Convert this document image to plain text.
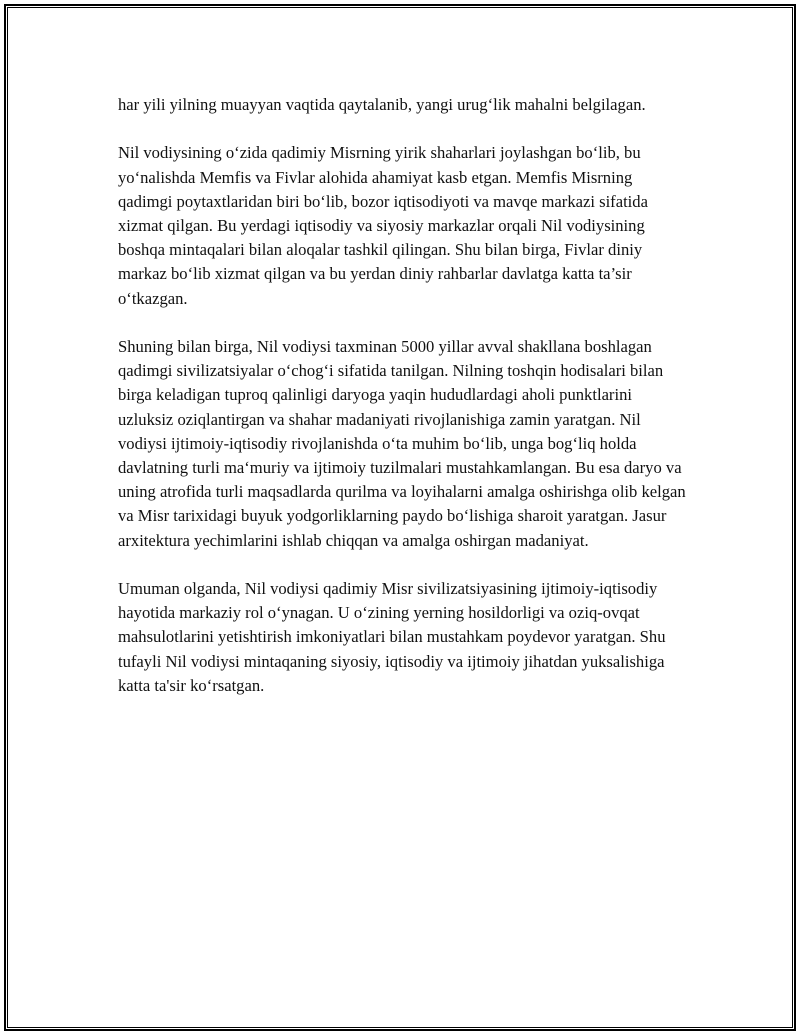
har yili yilning muayyan vaqtida qaytalanib, yangi urug‘lik mahalni belgilagan.

Nil vodiysining o‘zida qadimiy Misrning yirik shaharlari joylashgan bo‘lib, bu yo‘nalishda Memfis va Fivlar alohida ahamiyat kasb etgan. Memfis Misrning qadimgi poytaxtlaridan biri bo‘lib, bozor iqtisodiyoti va mavqe markazi sifatida xizmat qilgan. Bu yerdagi iqtisodiy va siyosiy markazlar orqali Nil vodiysining boshqa mintaqalari bilan aloqalar tashkil qilingan. Shu bilan birga, Fivlar diniy markaz bo‘lib xizmat qilgan va bu yerdan diniy rahbarlar davlatga katta ta’sir o‘tkazgan.

Shuning bilan birga, Nil vodiysi taxminan 5000 yillar avval shakllana boshlagan qadimgi sivilizatsiyalar o‘chog‘i sifatida tanilgan. Nilning toshqin hodisalari bilan birga keladigan tuproq qalinligi daryoga yaqin hududlardagi aholi punktlarini uzluksiz oziqlantirgan va shahar madaniyati rivojlanishiga zamin yaratgan. Nil vodiysi ijtimoiy-iqtisodiy rivojlanishda o‘ta muhim bo‘lib, unga bog‘liq holda davlatning turli ma‘muriy va ijtimoiy tuzilmalari mustahkamlangan. Bu esa daryo va uning atrofida turli maqsadlarda qurilma va loyihalarni amalga oshirishga olib kelgan va Misr tarixidagi buyuk yodgorliklarning paydo bo‘lishiga sharoit yaratgan. Jasur arxitektura yechimlarini ishlab chiqqan va amalga oshirgan madaniyat.

Umuman olganda, Nil vodiysi qadimiy Misr sivilizatsiyasining ijtimoiy-iqtisodiy hayotida markaziy rol o‘ynagan. U o‘zining yerning hosildorligi va oziq-ovqat mahsulotlarini yetishtirish imkoniyatlari bilan mustahkam poydevor yaratgan. Shu tufayli Nil vodiysi mintaqaning siyosiy, iqtisodiy va ijtimoiy jihatdan yuksalishiga katta ta'sir ko‘rsatgan.
